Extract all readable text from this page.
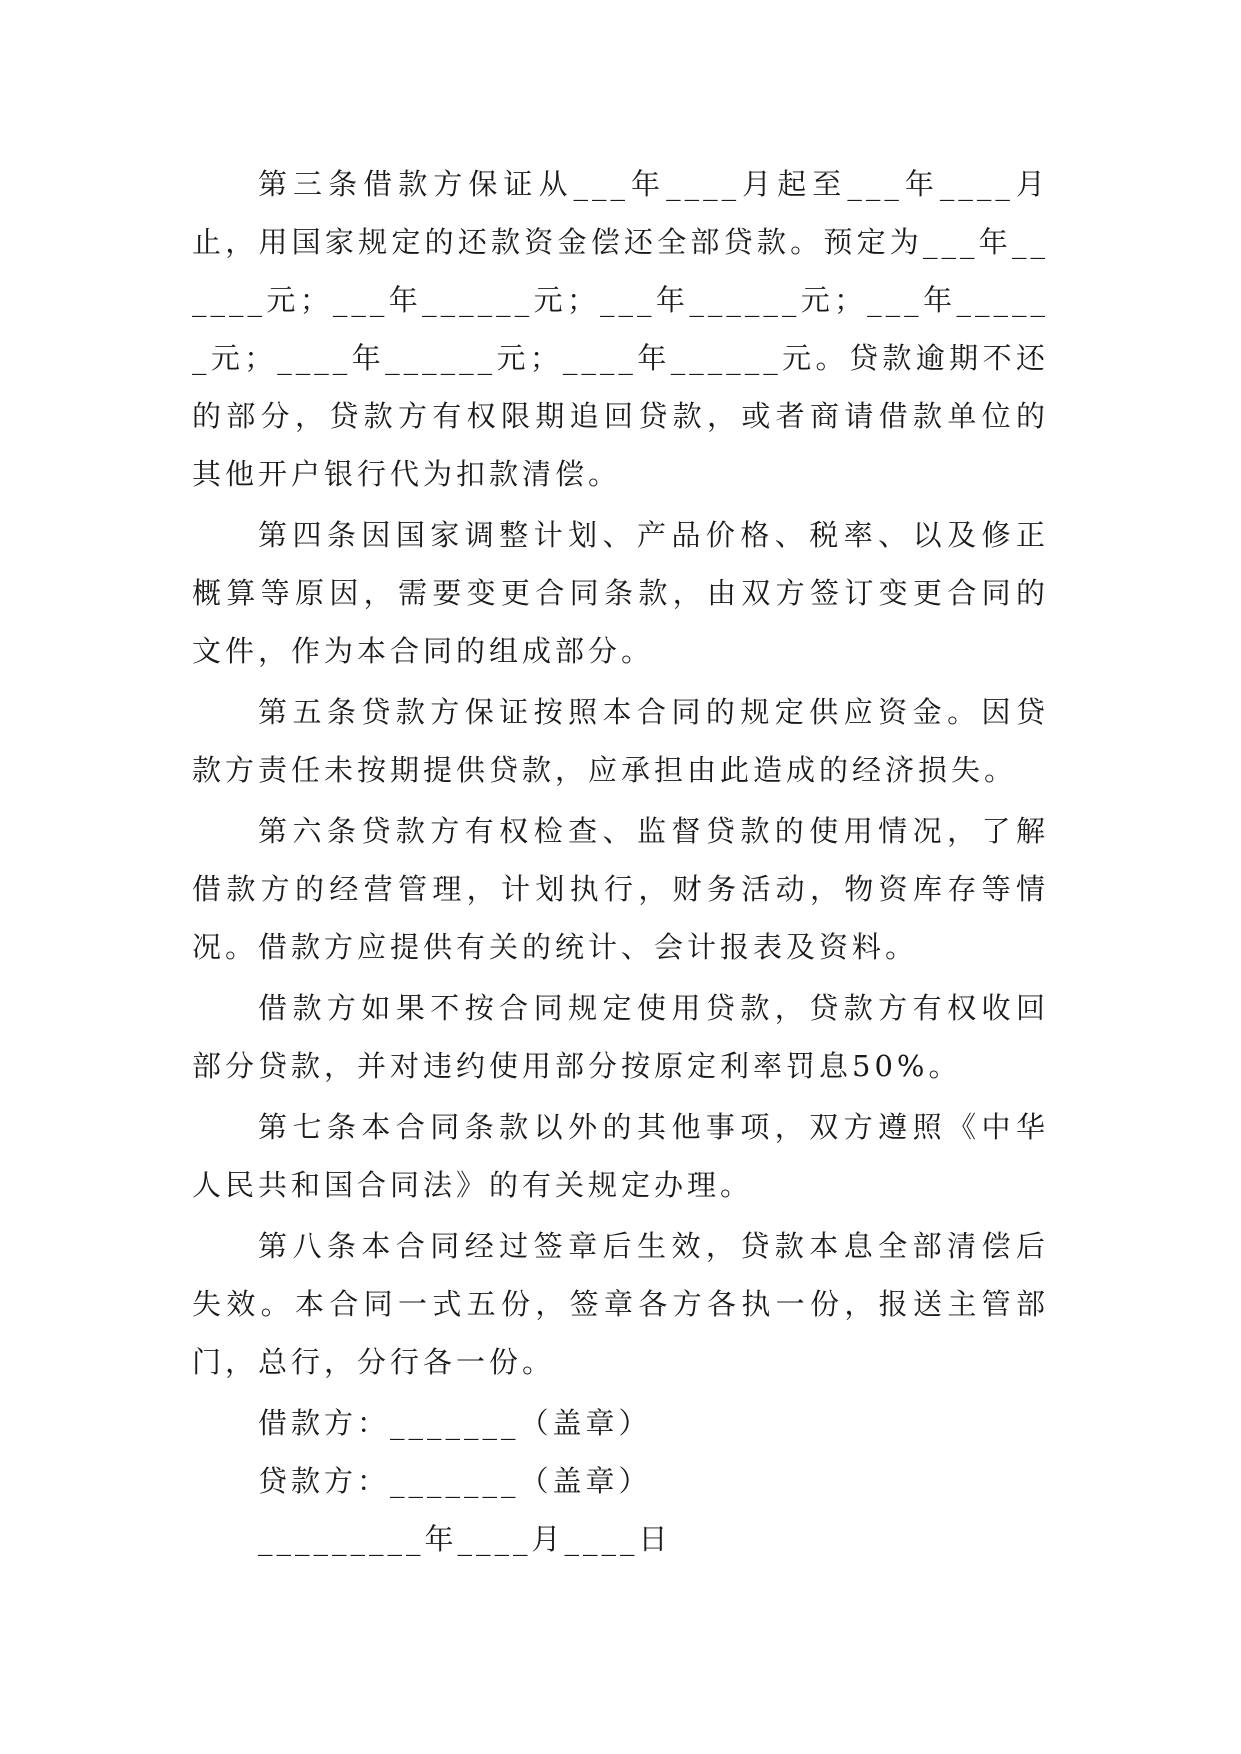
第三条借款方保证从___年____月起至___年____月止，用国家规定的还款资金偿还全部贷款。预定为___年______元；___年______元；___年______元；___年______元；____年______元；____年______元。贷款逾期不还的部分，贷款方有权限期追回贷款，或者商请借款单位的其他开户银行代为扣款清偿。

第四条因国家调整计划、产品价格、税率、以及修正概算等原因，需要变更合同条款，由双方签订变更合同的文件，作为本合同的组成部分。

第五条贷款方保证按照本合同的规定供应资金。因贷款方责任未按期提供贷款，应承担由此造成的经济损失。

第六条贷款方有权检查、监督贷款的使用情况，了解借款方的经营管理，计划执行，财务活动，物资库存等情况。借款方应提供有关的统计、会计报表及资料。

借款方如果不按合同规定使用贷款，贷款方有权收回部分贷款，并对违约使用部分按原定利率罚息50%。

第七条本合同条款以外的其他事项，双方遵照《中华人民共和国合同法》的有关规定办理。

第八条本合同经过签章后生效，贷款本息全部清偿后失效。本合同一式五份，签章各方各执一份，报送主管部门，总行，分行各一份。

借款方：_______（盖章）

贷款方：_______（盖章）

_________年____月____日
